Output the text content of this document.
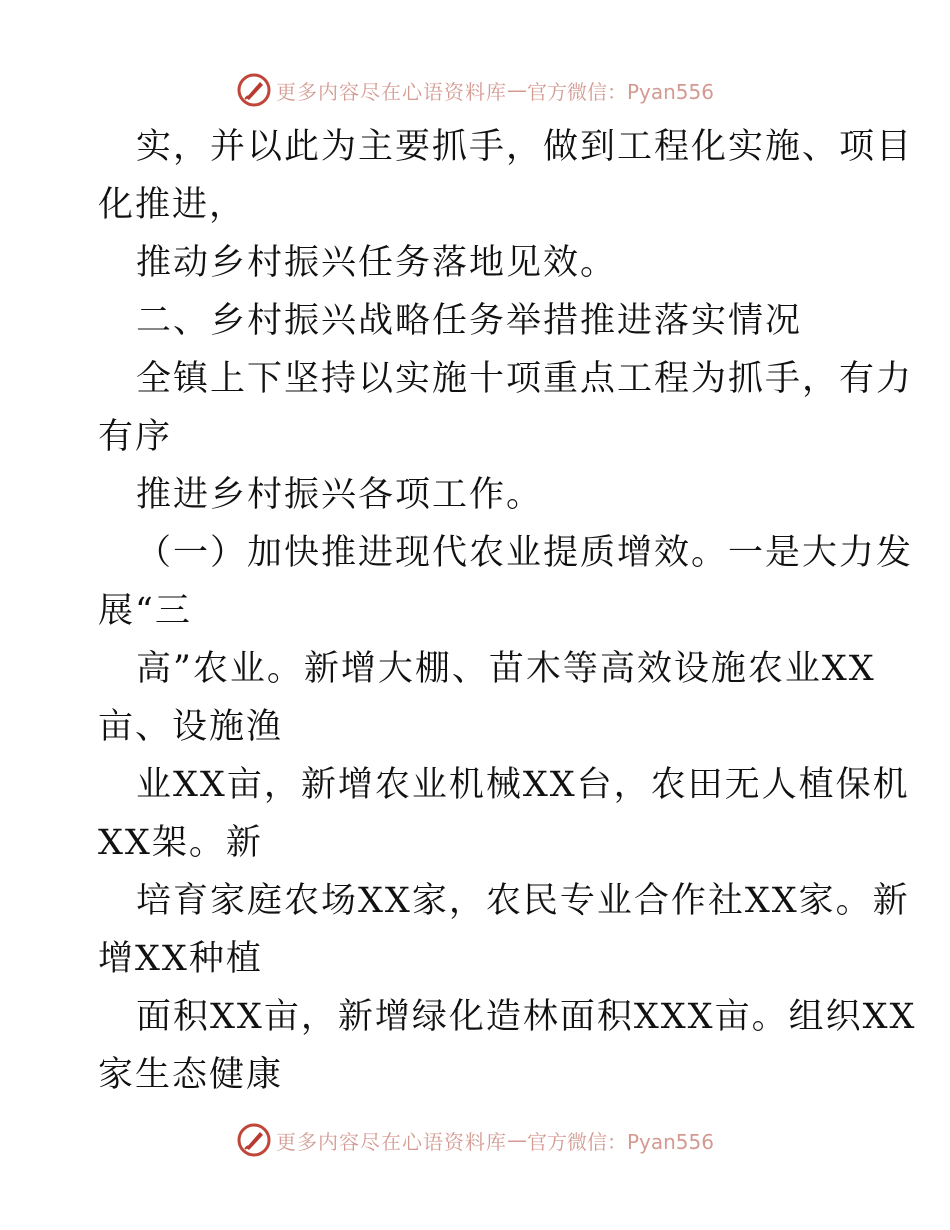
更多内容尽在心语资料库 — 官方微信：Pyan556
实，并以此为主要抓手，做到工程化实施、项目
化推进，
推动乡村振兴任务落地见效。
二、乡村振兴战略任务举措推进落实情况
全镇上下坚持以实施十项重点工程为抓手，有力
有序
推进乡村振兴各项工作。
（一）加快推进现代农业提质增效。一是大力发
展“三
高”农业。新增大棚、苗木等高效设施农业XX
亩、设施渔
业XX亩，新增农业机械XX台，农田无人植保机
XX架。新
培育家庭农场XX家，农民专业合作社XX家。新
增XX种植
面积XX亩，新增绿化造林面积XXX亩。组织XX
家生态健康
更多内容尽在心语资料库 — 官方微信：Pyan556
